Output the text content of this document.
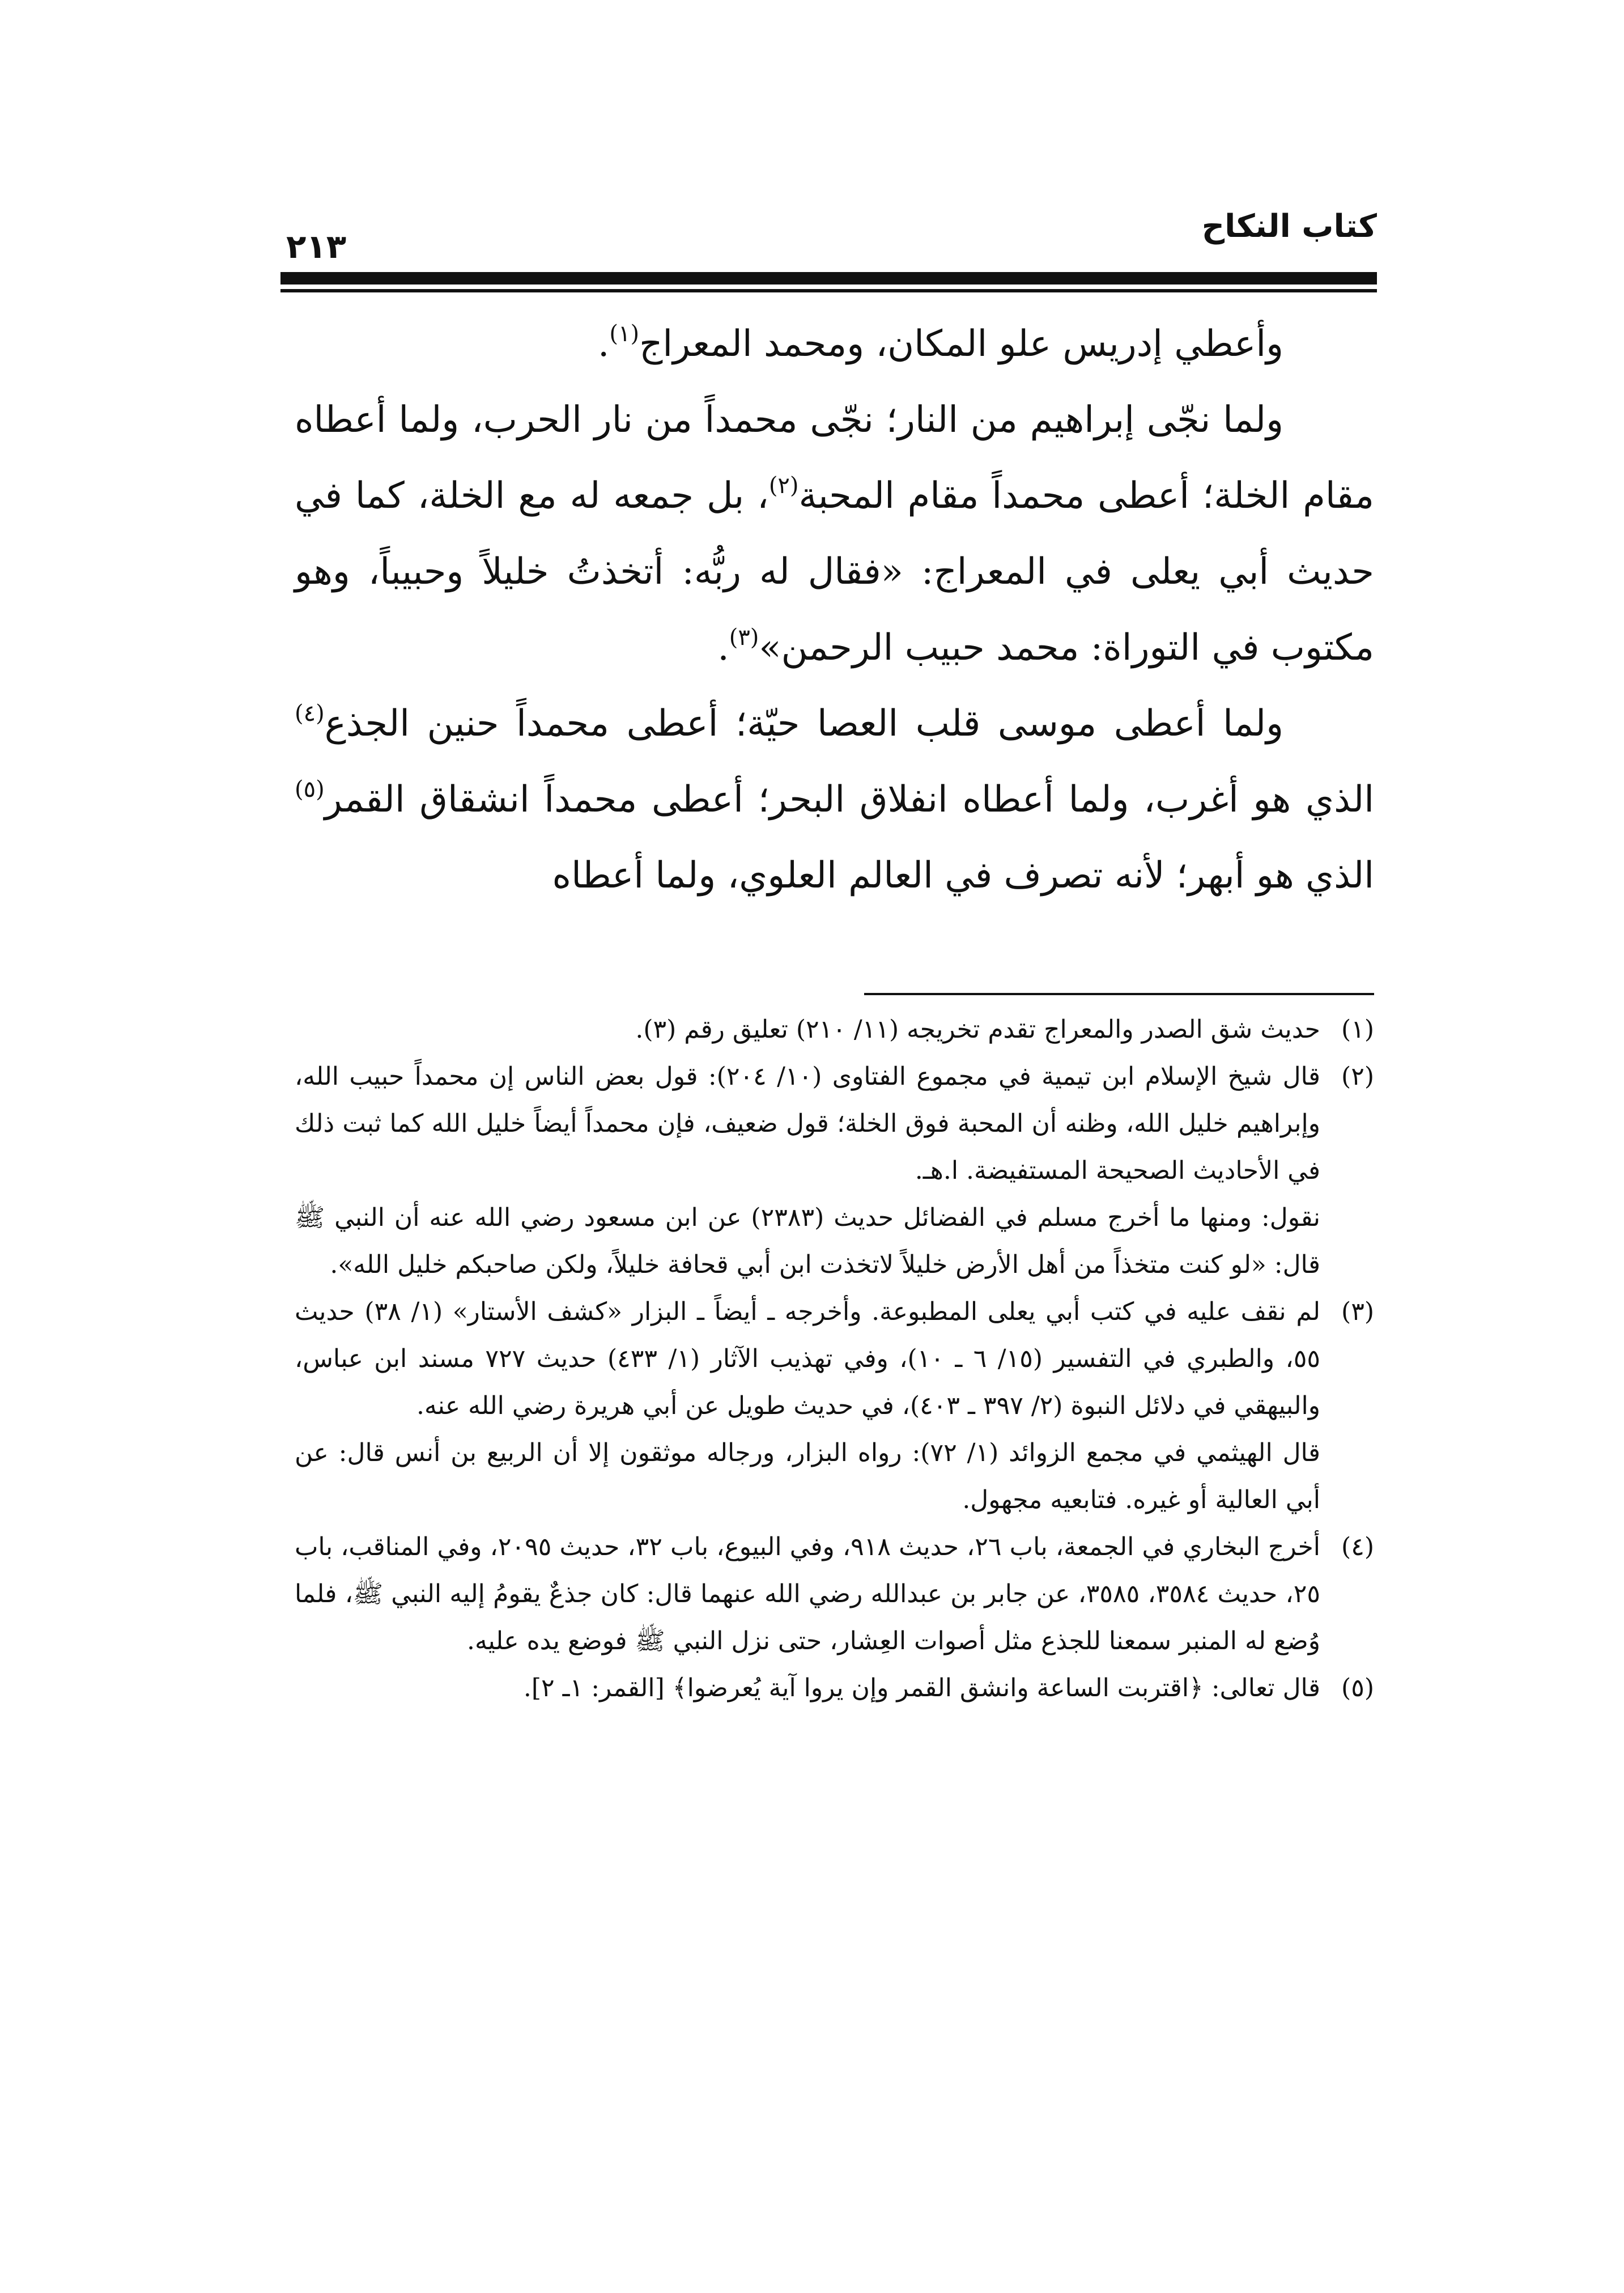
٢١٣
كتاب النكاح

وأعطي إدريس علو المكان، ومحمد المعراج$^{(١)}$.

ولما نجّى إبراهيم من النار؛ نجّى محمداً من نار الحرب، ولما أعطاه مقام الخلة؛ أعطى محمداً مقام المحبة$^{(٢)}$، بل جمعه له مع الخلة، كما في حديث أبي يعلى في المعراج: «فقال له ربُّه: أتخذتُ خليلاً وحبيباً، وهو مكتوب في التوراة: محمد حبيب الرحمن»$^{(٣)}$.

ولما أعطى موسى قلب العصا حيّة؛ أعطى محمداً حنين الجذع$^{(٤)}$ الذي هو أغرب، ولما أعطاه انفلاق البحر؛ أعطى محمداً انشقاق القمر$^{(٥)}$ الذي هو أبهر؛ لأنه تصرف في العالم العلوي، ولما أعطاه

(١)

حديث شق الصدر والمعراج تقدم تخريجه (١١/ ٢١٠) تعليق رقم (٣).

(٢)

قال شيخ الإسلام ابن تيمية في مجموع الفتاوى (١٠/ ٢٠٤): قول بعض الناس إن محمداً حبيب الله، وإبراهيم خليل الله، وظنه أن المحبة فوق الخلة؛ قول ضعيف، فإن محمداً أيضاً خليل الله كما ثبت ذلك في الأحاديث الصحيحة المستفيضة. ا.هـ.

نقول: ومنها ما أخرج مسلم في الفضائل حديث (٢٣٨٣) عن ابن مسعود رضي الله عنه أن النبي ﷺ قال: «لو كنت متخذاً من أهل الأرض خليلاً لاتخذت ابن أبي قحافة خليلاً، ولكن صاحبكم خليل الله».

(٣)

لم نقف عليه في كتب أبي يعلى المطبوعة. وأخرجه ـ أيضاً ـ البزار «كشف الأستار» (١/ ٣٨) حديث ٥٥، والطبري في التفسير (١٥/ ٦ ـ ١٠)، وفي تهذيب الآثار (١/ ٤٣٣) حديث ٧٢٧ مسند ابن عباس، والبيهقي في دلائل النبوة (٢/ ٣٩٧ ـ ٤٠٣)، في حديث طويل عن أبي هريرة رضي الله عنه.

قال الهيثمي في مجمع الزوائد (١/ ٧٢): رواه البزار، ورجاله موثقون إلا أن الربيع بن أنس قال: عن أبي العالية أو غيره. فتابعيه مجهول.

(٤)

أخرج البخاري في الجمعة، باب ٢٦، حديث ٩١٨، وفي البيوع، باب ٣٢، حديث ٢٠٩٥، وفي المناقب، باب ٢٥، حديث ٣٥٨٤، ٣٥٨٥، عن جابر بن عبدالله رضي الله عنهما قال: كان جذعٌ يقومُ إليه النبي ﷺ، فلما وُضع له المنبر سمعنا للجذع مثل أصوات العِشار، حتى نزل النبي ﷺ فوضع يده عليه.

(٥)

قال تعالى: ﴿اقتربت الساعة وانشق القمر وإن يروا آية يُعرضوا﴾ [القمر: ١ـ ٢].
